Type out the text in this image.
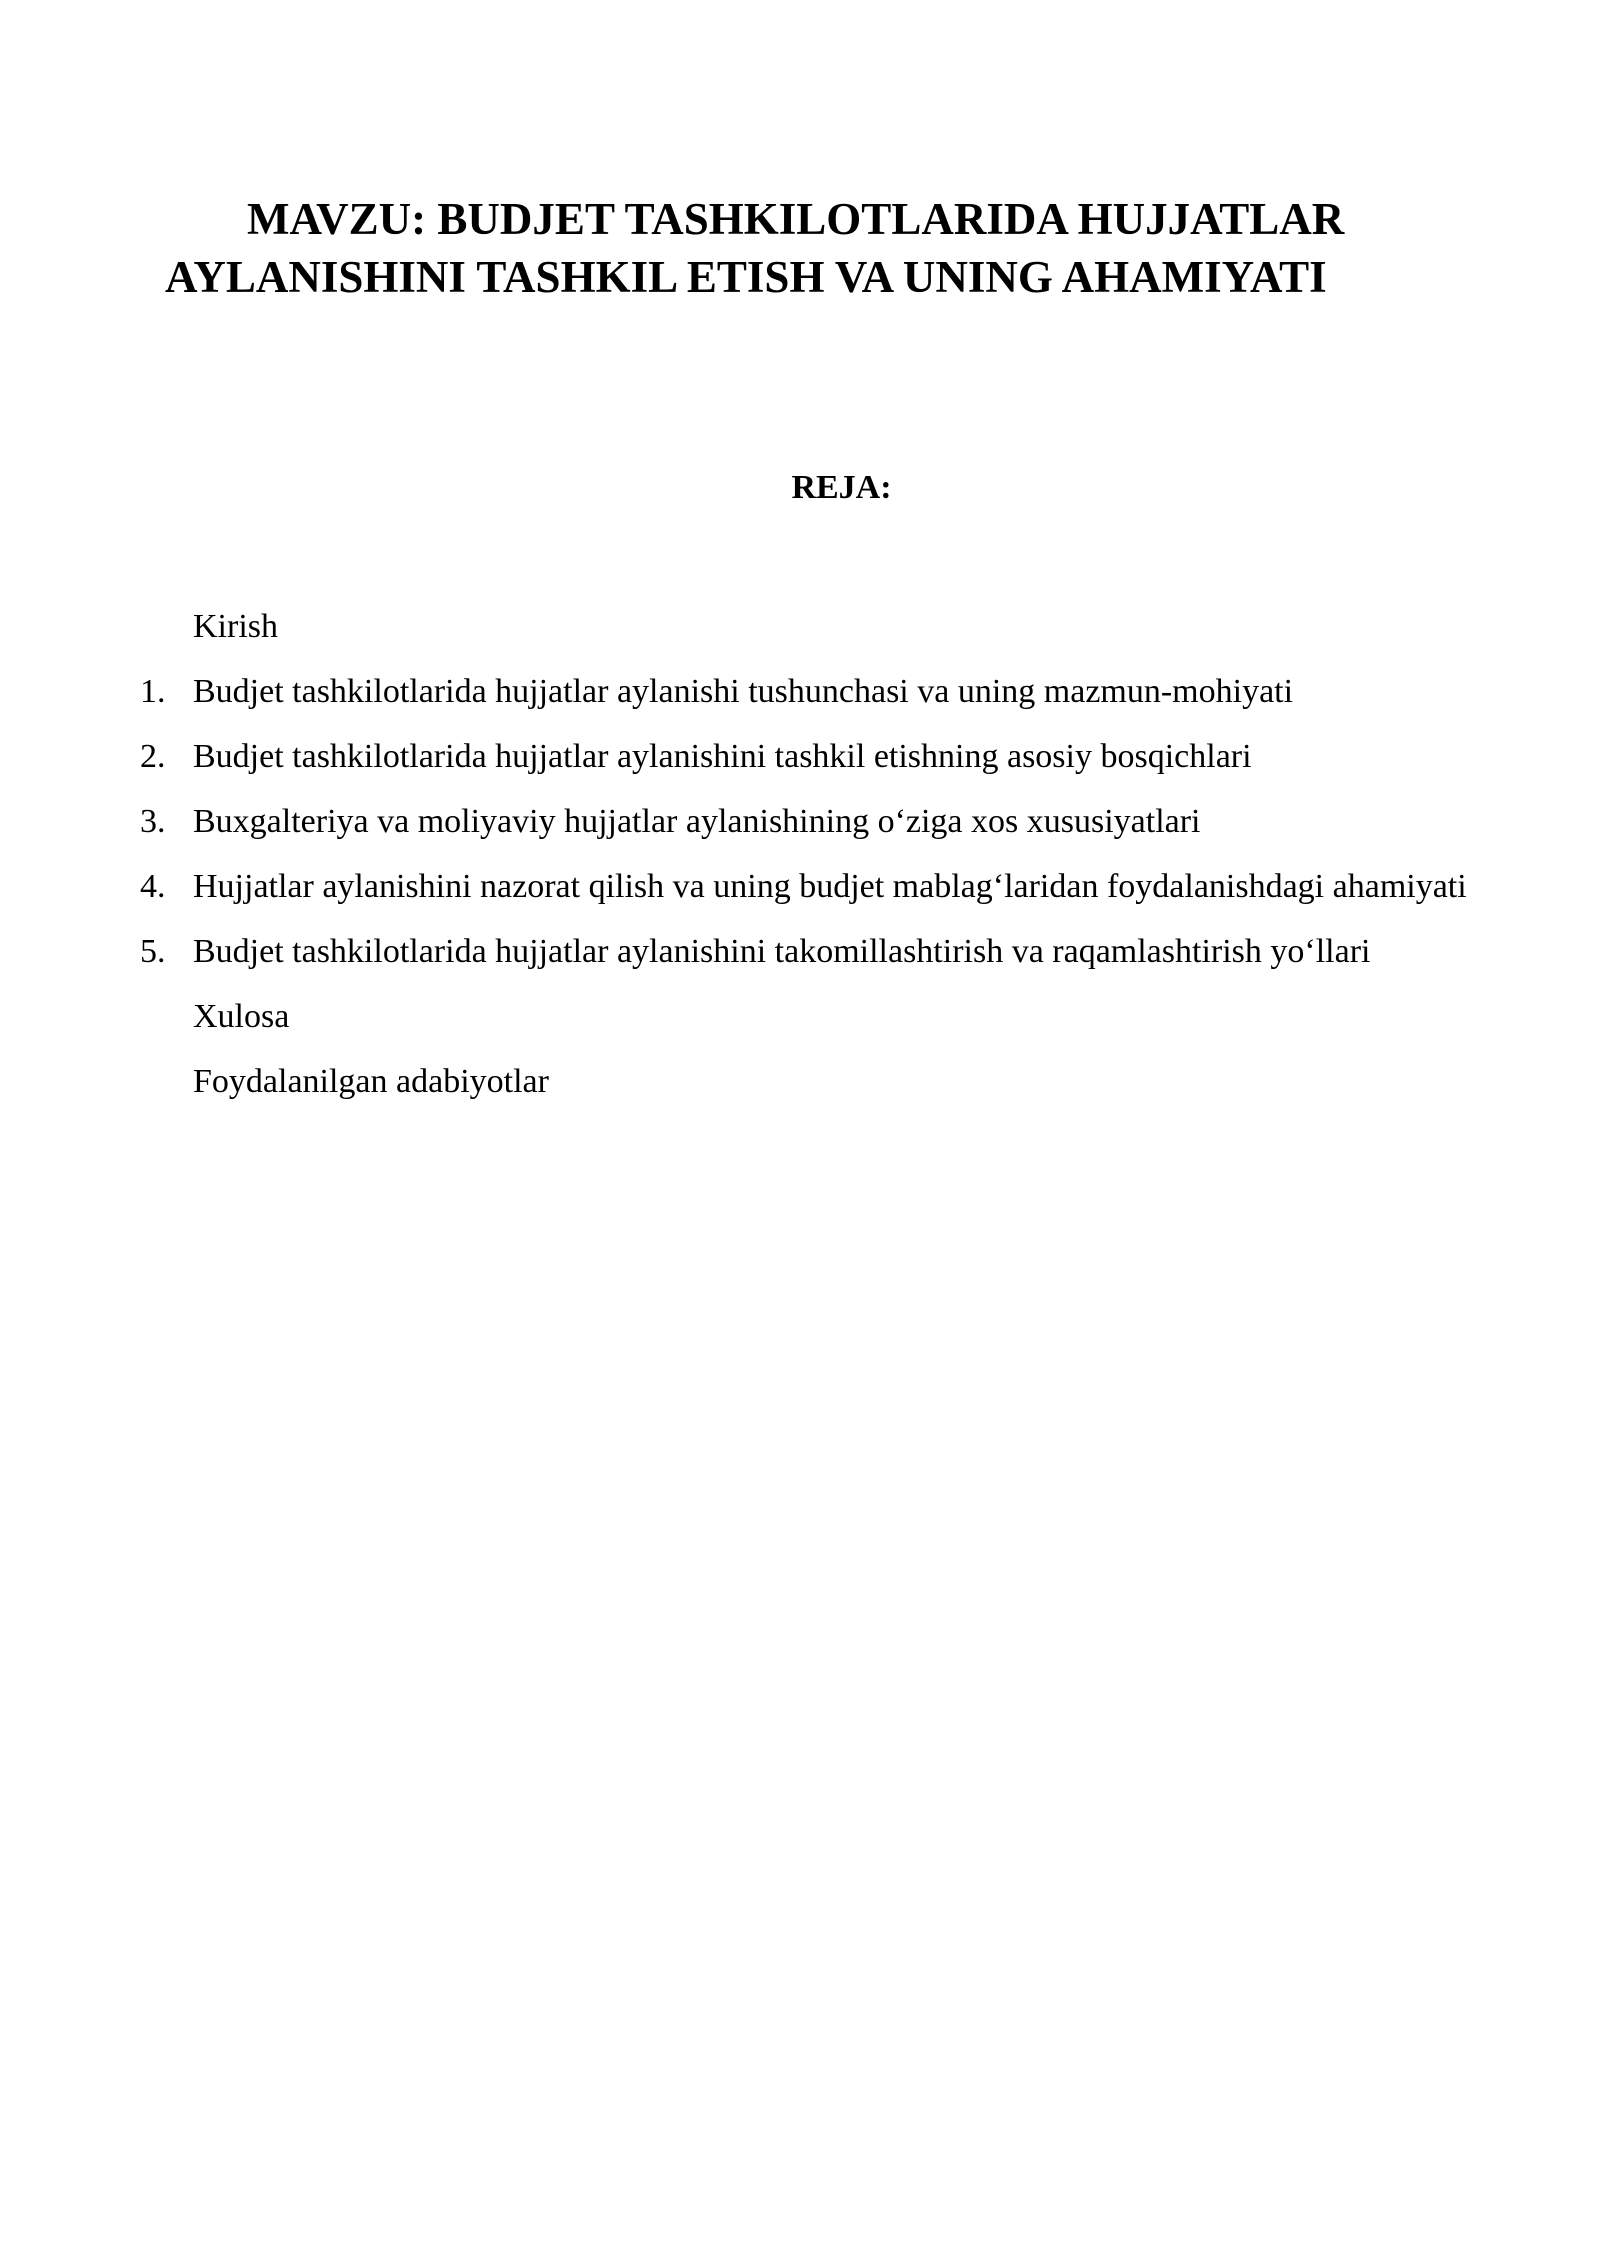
MAVZU: BUDJET TASHKILOTLARIDA HUJJATLAR
AYLANISHINI TASHKIL ETISH VA UNING AHAMIYATI
REJA:
Kirish
1. Budjet tashkilotlarida hujjatlar aylanishi tushunchasi va uning mazmun-mohiyati
2. Budjet tashkilotlarida hujjatlar aylanishini tashkil etishning asosiy bosqichlari
3. Buxgalteriya va moliyaviy hujjatlar aylanishining o‘ziga xos xususiyatlari
4. Hujjatlar aylanishini nazorat qilish va uning budjet mablag‘laridan foydalanishdagi ahamiyati
5. Budjet tashkilotlarida hujjatlar aylanishini takomillashtirish va raqamlashtirish yo‘llari
Xulosa
Foydalanilgan adabiyotlar
